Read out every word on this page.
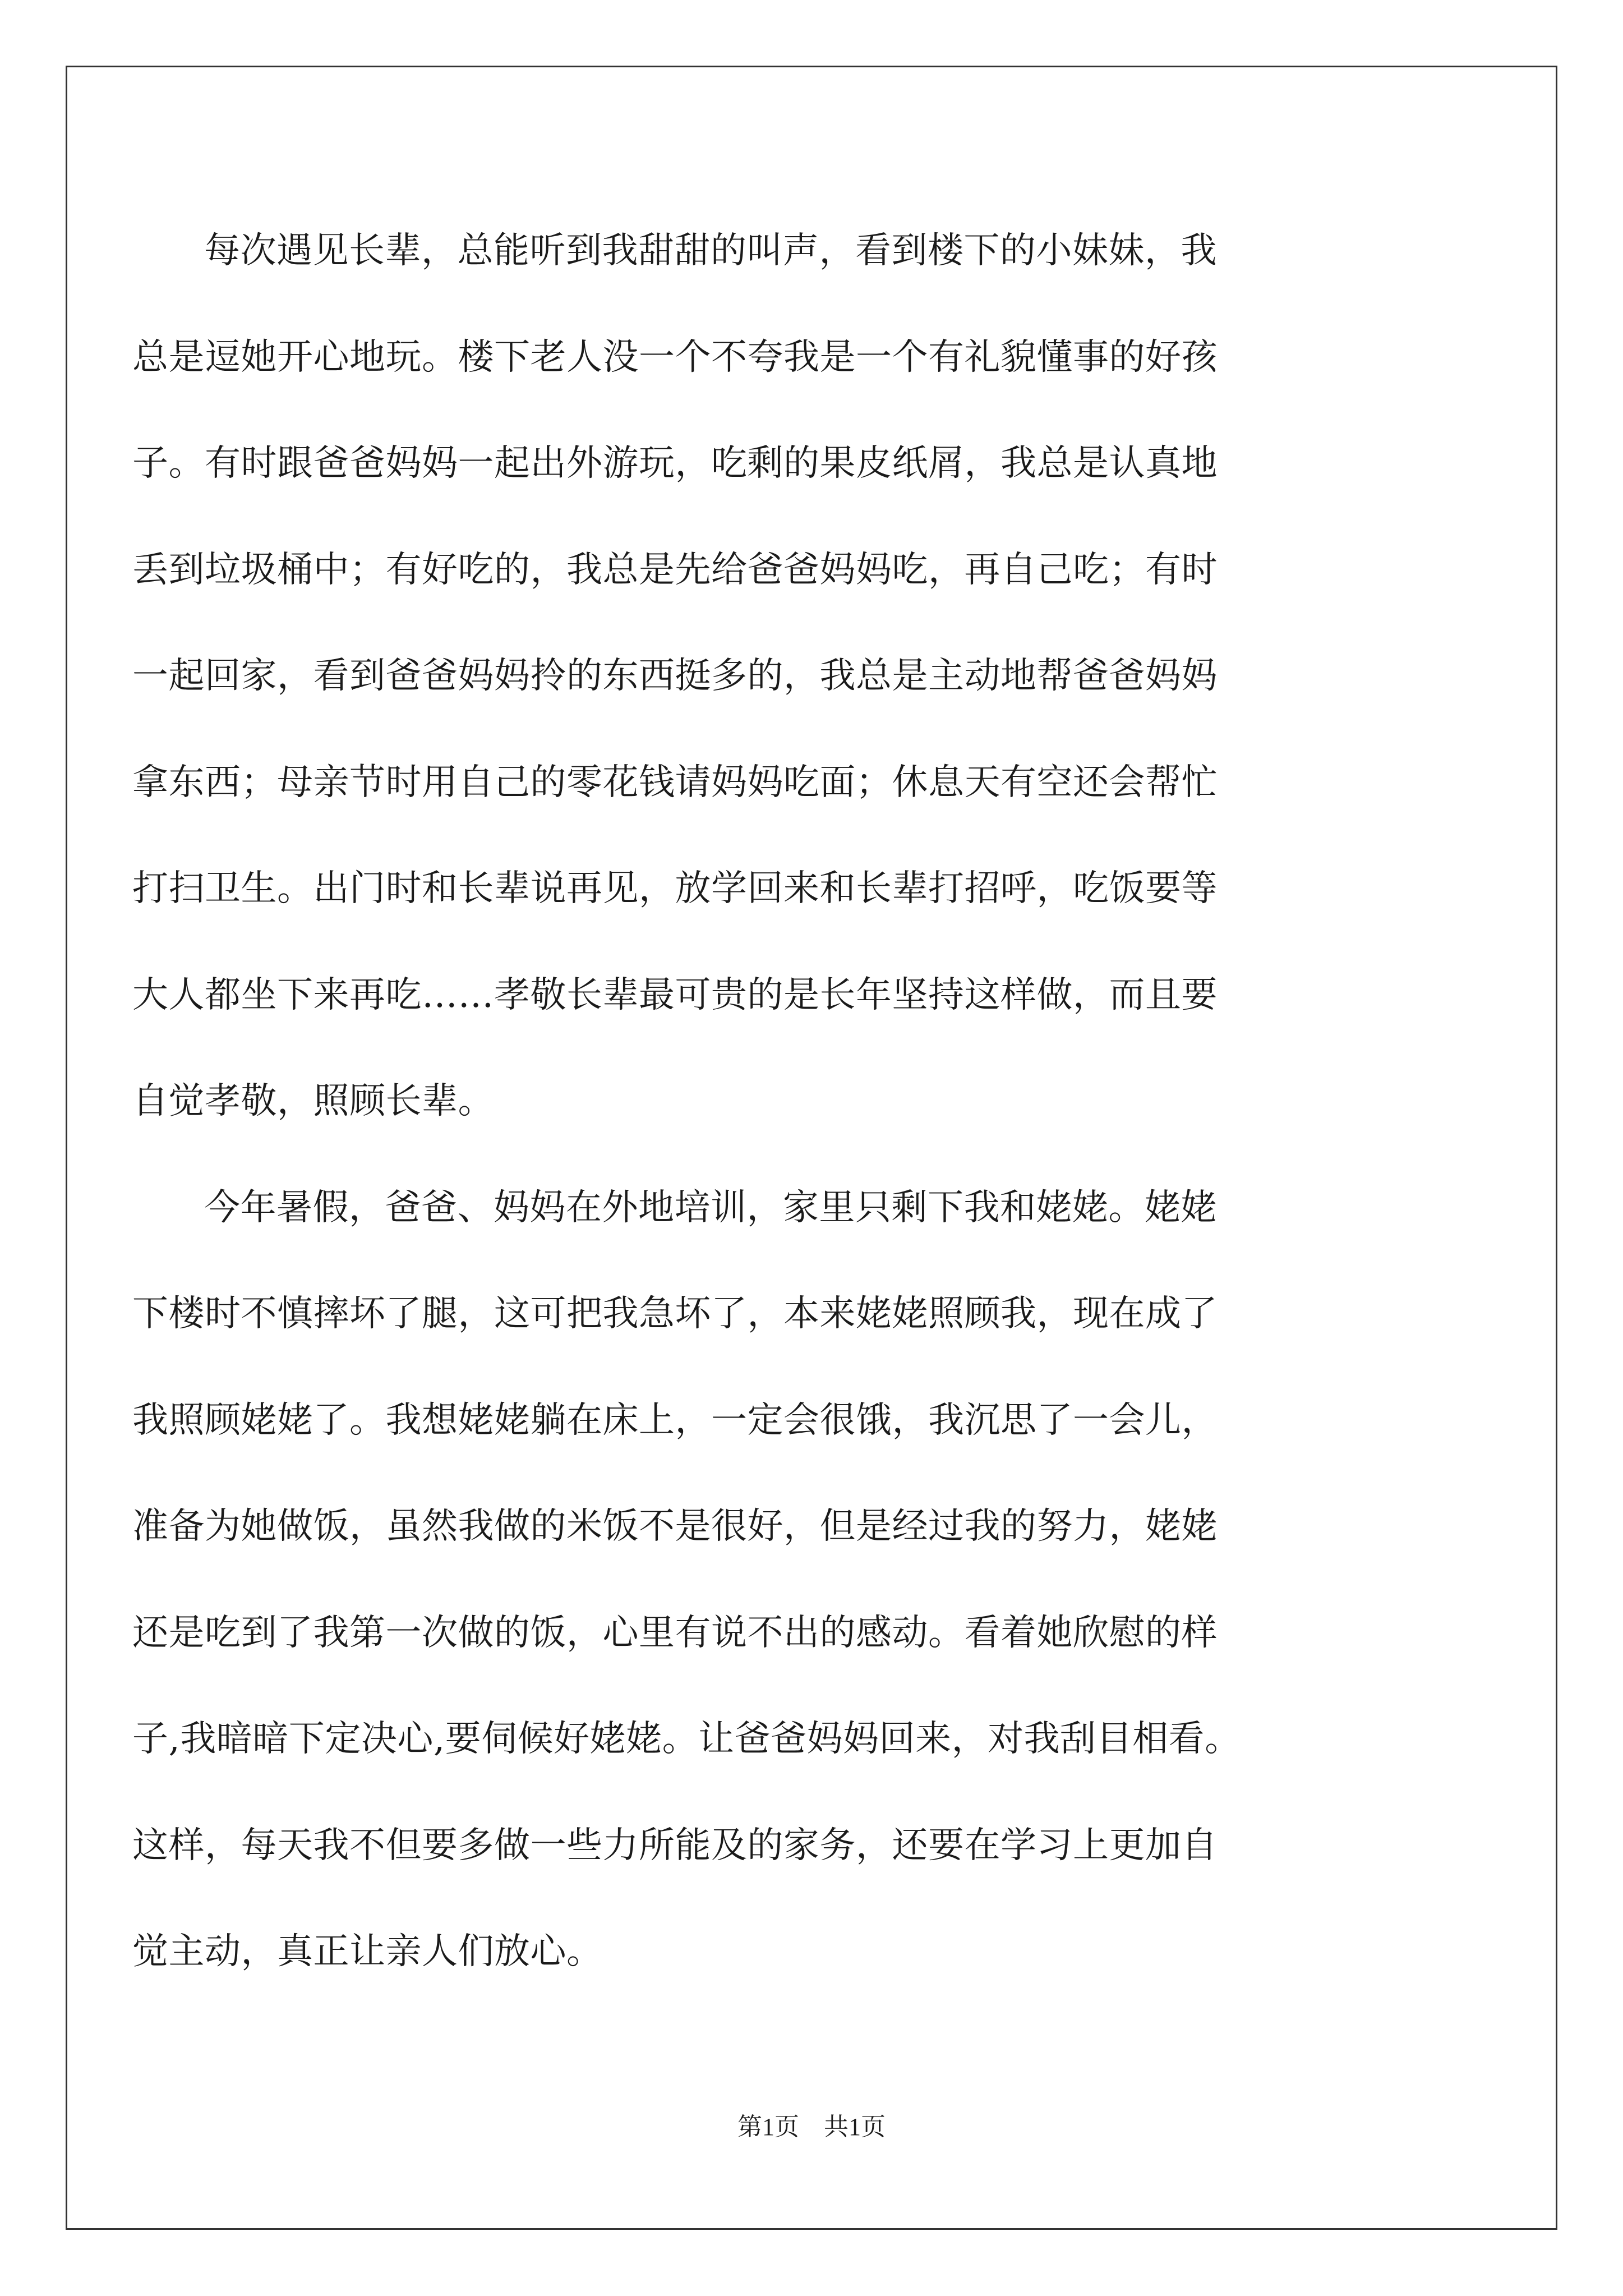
每次遇见长辈，总能听到我甜甜的叫声，看到楼下的小妹妹，我
总是逗她开心地玩。楼下老人没一个不夸我是一个有礼貌懂事的好孩
子。有时跟爸爸妈妈一起出外游玩，吃剩的果皮纸屑，我总是认真地
丢到垃圾桶中；有好吃的，我总是先给爸爸妈妈吃，再自己吃；有时
一起回家，看到爸爸妈妈拎的东西挺多的，我总是主动地帮爸爸妈妈
拿东西；母亲节时用自己的零花钱请妈妈吃面；休息天有空还会帮忙
打扫卫生。出门时和长辈说再见，放学回来和长辈打招呼，吃饭要等
大人都坐下来再吃……孝敬长辈最可贵的是长年坚持这样做，而且要
自觉孝敬，照顾长辈。
今年暑假，爸爸、妈妈在外地培训，家里只剩下我和姥姥。姥姥
下楼时不慎摔坏了腿，这可把我急坏了，本来姥姥照顾我，现在成了
我照顾姥姥了。我想姥姥躺在床上，一定会很饿，我沉思了一会儿，
准备为她做饭，虽然我做的米饭不是很好，但是经过我的努力，姥姥
还是吃到了我第一次做的饭，心里有说不出的感动。看着她欣慰的样
子,我暗暗下定决心,要伺候好姥姥。让爸爸妈妈回来，对我刮目相看。
这样，每天我不但要多做一些力所能及的家务，还要在学习上更加自
觉主动，真正让亲人们放心。
第1页　共1页
